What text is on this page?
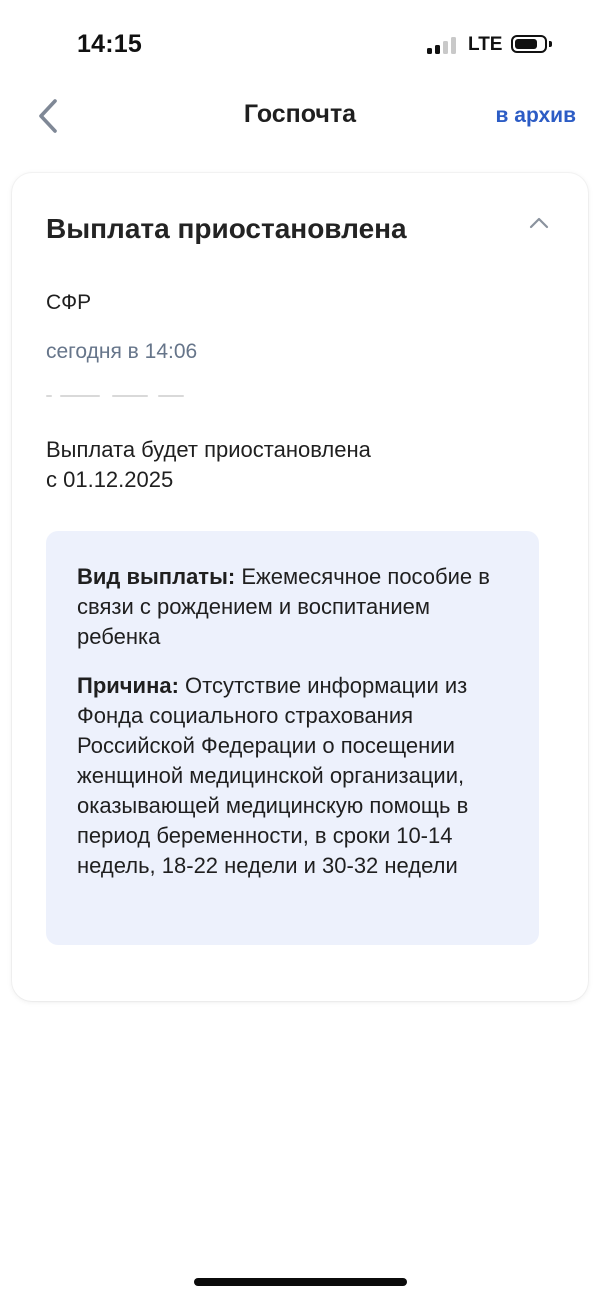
14:15	LTE
Госпочта	в архив
Выплата приостановлена
СФР
сегодня в 14:06
Выплата будет приостановлена
с 01.12.2025

Вид выплаты: Ежемесячное пособие в связи с рождением и воспитанием ребенка

Причина: Отсутствие информации из Фонда социального страхования Российской Федерации о посещении женщиной медицинской организации, оказывающей медицинскую помощь в период беременности, в сроки 10-14 недель, 18-22 недели и 30-32 недели
